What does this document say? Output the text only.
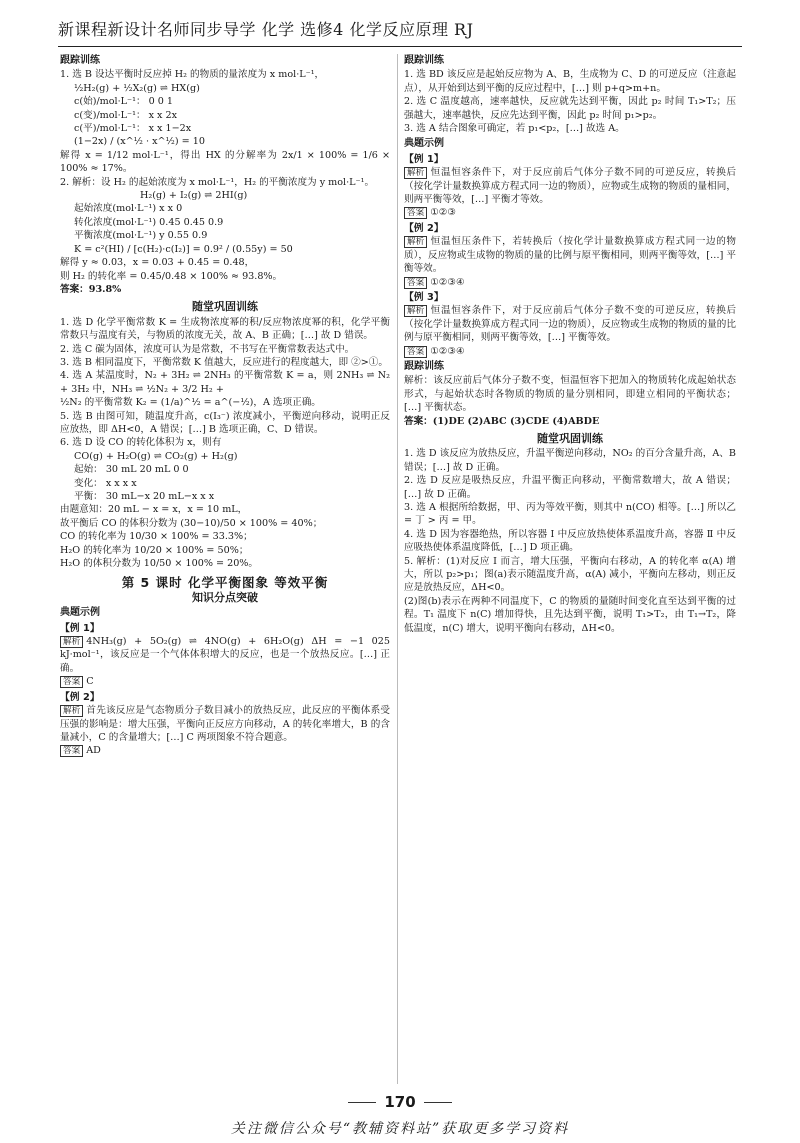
新课程新设计名师同步导学 化学 选修4 化学反应原理 RJ
跟踪训练

1. 选 B 设达平衡时反应掉 H₂ 的物质的量浓度为 x mol·L⁻¹，

½H₂(g) + ½X₂(g) ⇌ HX(g)

c(始)/mol·L⁻¹： 0 0 1

c(变)/mol·L⁻¹： x x 2x

c(平)/mol·L⁻¹： x x 1−2x

(1−2x) / (x^½ · x^½) = 10

解得 x = 1/12 mol·L⁻¹，得出 HX 的分解率为 2x/1 × 100% = 1/6 × 100% ≈ 17%。

2. 解析：设 H₂ 的起始浓度为 x mol·L⁻¹，H₂ 的平衡浓度为 y mol·L⁻¹。

H₂(g) + I₂(g) ⇌ 2HI(g)

起始浓度(mol·L⁻¹) x x 0

转化浓度(mol·L⁻¹) 0.45 0.45 0.9

平衡浓度(mol·L⁻¹) y 0.55 0.9

K = c²(HI) / [c(H₂)·c(I₂)] = 0.9² / (0.55y) = 50

解得 y ≈ 0.03，x = 0.03 + 0.45 = 0.48，

则 H₂ 的转化率 = 0.45/0.48 × 100% ≈ 93.8%。

答案：93.8%

随堂巩固训练

1. 选 D 化学平衡常数 K = 生成物浓度幂的积/反应物浓度幂的积，化学平衡常数只与温度有关，与物质的浓度无关，故 A、B 正确；[…] 故 D 错误。

2. 选 C 碳为固体，浓度可认为是常数，不书写在平衡常数表达式中。

3. 选 B 相同温度下，平衡常数 K 值越大，反应进行的程度越大，即 ②>①。

4. 选 A 某温度时，N₂ + 3H₂ ⇌ 2NH₃ 的平衡常数 K = a，则 2NH₃ ⇌ N₂ + 3H₂ 中，NH₃ ⇌ ½N₂ + 3/2 H₂ +

½N₂ 的平衡常数 K₂ = (1/a)^½ = a^(−½)，A 选项正确。

5. 选 B 由图可知，随温度升高，c(I₃⁻) 浓度减小，平衡逆向移动，说明正反应放热，即 ΔH<0，A 错误；[…] B 选项正确，C、D 错误。

6. 选 D 设 CO 的转化体积为 x，则有

CO(g) + H₂O(g) ⇌ CO₂(g) + H₂(g)

起始： 30 mL 20 mL 0 0

变化： x x x x

平衡： 30 mL−x 20 mL−x x x

由题意知：20 mL − x = x，x = 10 mL，

故平衡后 CO 的体积分数为 (30−10)/50 × 100% = 40%；

CO 的转化率为 10/30 × 100% = 33.3%；

H₂O 的转化率为 10/20 × 100% = 50%；

H₂O 的体积分数为 10/50 × 100% = 20%。

第 5 课时 化学平衡图象 等效平衡
知识分点突破
典题示例
【例 1】

解析 4NH₃(g) + 5O₂(g) ⇌ 4NO(g) + 6H₂O(g) ΔH = −1 025 kJ·mol⁻¹，该反应是一个气体体积增大的反应，也是一个放热反应。[…] 正确。

答案 C

【例 2】

解析 首先该反应是气态物质分子数目减小的放热反应，此反应的平衡体系受压强的影响是：增大压强，平衡向正反应方向移动，A 的转化率增大，B 的含量减小，C 的含量增大；[…] C 两项图象不符合题意。

答案 AD

跟踪训练

1. 选 BD 该反应是起始反应物为 A、B，生成物为 C、D 的可逆反应（注意起点），从开始到达到平衡的反应过程中，[…] 则 p+q>m+n。

2. 选 C 温度越高，速率越快，反应就先达到平衡，因此 p₂ 时间 T₁>T₂；压强越大，速率越快，反应先达到平衡，因此 p₂ 时间 p₁>p₂。

3. 选 A 结合图象可确定，若 p₁<p₂，[…] 故选 A。

典题示例
【例 1】

解析 恒温恒容条件下，对于反应前后气体分子数不同的可逆反应，转换后（按化学计量数换算成方程式同一边的物质），应物或生成物的物质的量相同，则两平衡等效，[…] 平衡才等效。

答案 ①②③

【例 2】

解析 恒温恒压条件下，若转换后（按化学计量数换算成方程式同一边的物质），反应物或生成物的物质的量的比例与原平衡相同，则两平衡等效，[…] 平衡等效。

答案 ①②③④

【例 3】

解析 恒温恒容条件下，对于反应前后气体分子数不变的可逆反应，转换后（按化学计量数换算成方程式同一边的物质），反应物或生成物的物质的量的比例与原平衡相同，则两平衡等效，[…] 平衡等效。

答案 ①②③④

跟踪训练

解析：该反应前后气体分子数不变，恒温恒容下把加入的物质转化成起始状态形式，与起始状态时各物质的物质的量分别相同，即建立相同的平衡状态；[…] 平衡状态。

答案：(1)DE (2)ABC (3)CDE (4)ABDE

随堂巩固训练

1. 选 D 该反应为放热反应，升温平衡逆向移动，NO₂ 的百分含量升高，A、B 错误；[…] 故 D 正确。

2. 选 D 反应是吸热反应，升温平衡正向移动，平衡常数增大，故 A 错误；[…] 故 D 正确。

3. 选 A 根据所给数据，甲、丙为等效平衡，则其中 n(CO) 相等。[…] 所以乙 = 丁 > 丙 = 甲。

4. 选 D 因为容器绝热，所以容器 Ⅰ 中反应放热使体系温度升高，容器 Ⅱ 中反应吸热使体系温度降低，[…] D 项正确。

5. 解析：(1)对反应 Ⅰ 而言，增大压强，平衡向右移动，A 的转化率 α(A) 增大，所以 p₂>p₁；图(a)表示随温度升高，α(A) 减小，平衡向左移动，则正反应是放热反应，ΔH<0。

(2)图(b)表示在两种不同温度下，C 的物质的量随时间变化直至达到平衡的过程。T₁ 温度下 n(C) 增加得快，且先达到平衡，说明 T₁>T₂，由 T₁→T₂，降低温度，n(C) 增大，说明平衡向右移动，ΔH<0。

170
关注微信公众号“教辅资料站”获取更多学习资料
